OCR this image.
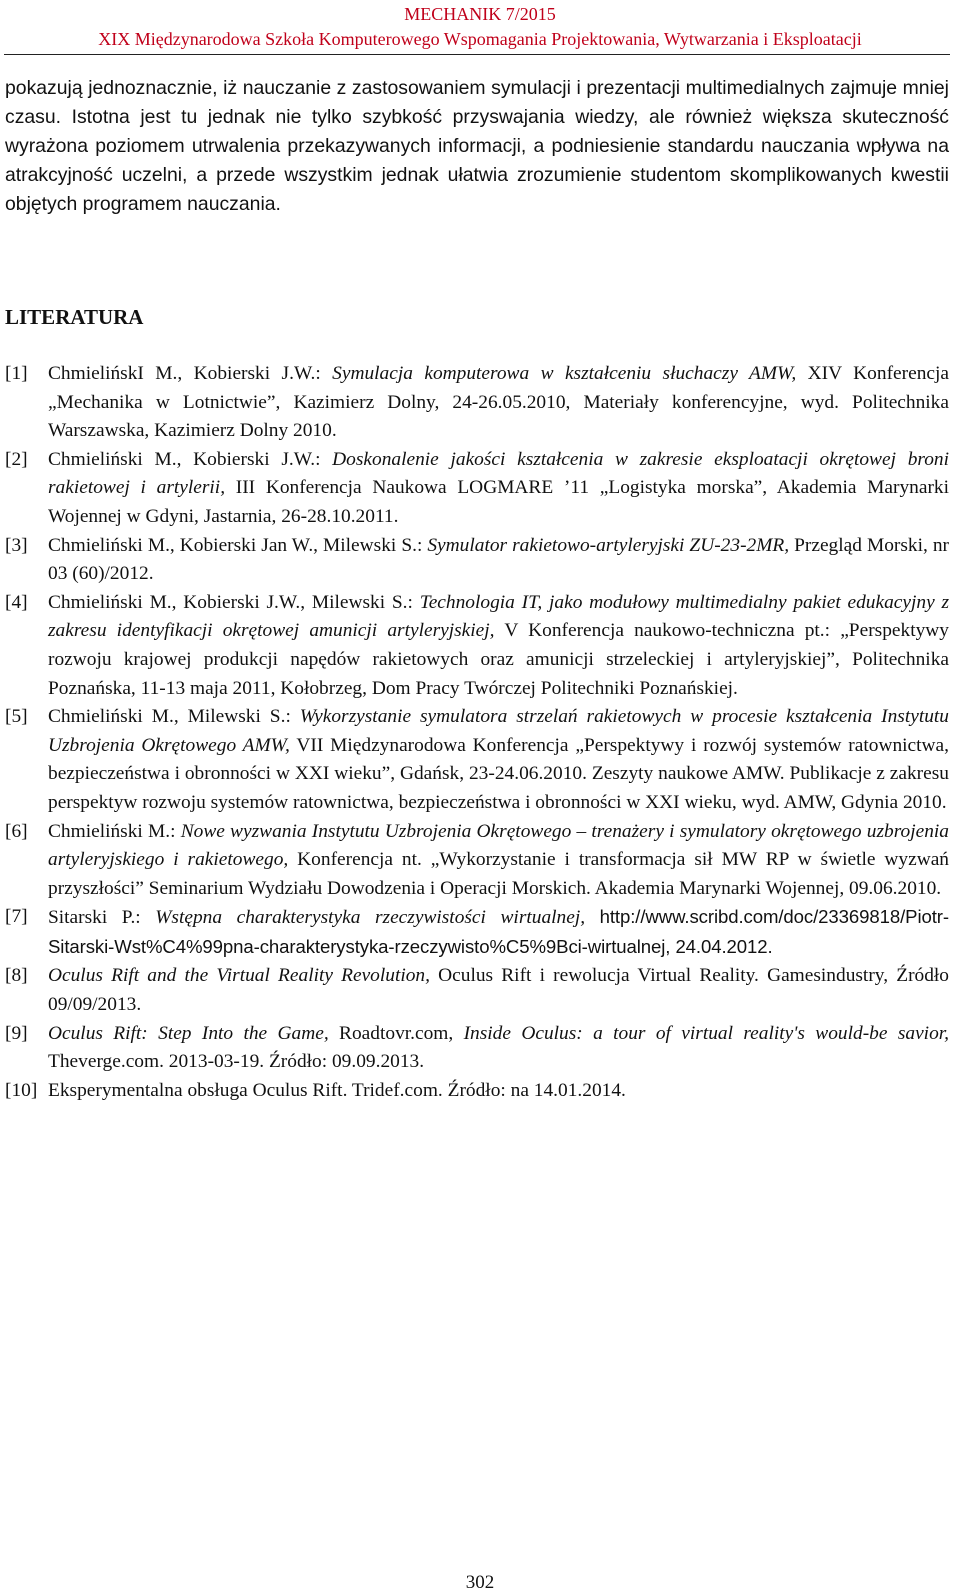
MECHANIK 7/2015
XIX Międzynarodowa Szkoła Komputerowego Wspomagania Projektowania, Wytwarzania i Eksploatacji

pokazują jednoznacznie, iż nauczanie z zastosowaniem symulacji i prezentacji multimedialnych zajmuje mniej czasu. Istotna jest tu jednak nie tylko szybkość przyswajania wiedzy, ale również większa skuteczność wyrażona poziomem utrwalenia przekazywanych informacji, a podniesienie standardu nauczania wpływa na atrakcyjność uczelni, a przede wszystkim jednak ułatwia zrozumienie studentom skomplikowanych kwestii objętych programem nauczania.

LITERATURA
[1]	ChmielińskI M., Kobierski J.W.: Symulacja komputerowa w kształceniu słuchaczy AMW, XIV Konferencja „Mechanika w Lotnictwie”, Kazimierz Dolny, 24-26.05.2010, Materiały konferencyjne, wyd. Politechnika Warszawska, Kazimierz Dolny 2010.
[2]	Chmieliński M., Kobierski J.W.: Doskonalenie jakości kształcenia w zakresie eksploatacji okrętowej broni rakietowej i artylerii, III Konferencja Naukowa LOGMARE ’11 „Logistyka morska”, Akademia Marynarki Wojennej w Gdyni, Jastarnia, 26-28.10.2011.
[3]	Chmieliński M., Kobierski Jan W., Milewski S.: Symulator rakietowo-artyleryjski ZU-23-2MR, Przegląd Morski, nr 03 (60)/2012.
[4]	Chmieliński M., Kobierski J.W., Milewski S.: Technologia IT, jako modułowy multimedialny pakiet edukacyjny z zakresu identyfikacji okrętowej amunicji artyleryjskiej, V Konferencja naukowo-techniczna pt.: „Perspektywy rozwoju krajowej produkcji napędów rakietowych oraz amunicji strzeleckiej i artyleryjskiej”, Politechnika Poznańska, 11-13 maja 2011, Kołobrzeg, Dom Pracy Twórczej Politechniki Poznańskiej.
[5]	Chmieliński M., Milewski S.: Wykorzystanie symulatora strzelań rakietowych w procesie kształcenia Instytutu Uzbrojenia Okrętowego AMW, VII Międzynarodowa Konferencja „Perspektywy i rozwój systemów ratownictwa, bezpieczeństwa i obronności w XXI wieku”, Gdańsk, 23-24.06.2010. Zeszyty naukowe AMW. Publikacje z zakresu perspektyw rozwoju systemów ratownictwa, bezpieczeństwa i obronności w XXI wieku, wyd. AMW, Gdynia 2010.
[6]	Chmieliński M.: Nowe wyzwania Instytutu Uzbrojenia Okrętowego – trenażery i symulatory okrętowego uzbrojenia artyleryjskiego i rakietowego, Konferencja nt. „Wykorzystanie i transformacja sił MW RP w świetle wyzwań przyszłości” Seminarium Wydziału Dowodzenia i Operacji Morskich. Akademia Marynarki Wojennej, 09.06.2010.
[7]	Sitarski P.: Wstępna charakterystyka rzeczywistości wirtualnej, http://www.scribd.com/doc/23369818/Piotr-Sitarski-Wst%C4%99pna-charakterystyka-rzeczywisto%C5%9Bci-wirtualnej, 24.04.2012.
[8]	Oculus Rift and the Virtual Reality Revolution, Oculus Rift i rewolucja Virtual Reality. Gamesindustry, Źródło 09/09/2013.
[9]	Oculus Rift: Step Into the Game, Roadtovr.com, Inside Oculus: a tour of virtual reality's would-be savior, Theverge.com. 2013-03-19. Źródło: 09.09.2013.
[10] Eksperymentalna obsługa Oculus Rift. Tridef.com. Źródło: na 14.01.2014.
302
